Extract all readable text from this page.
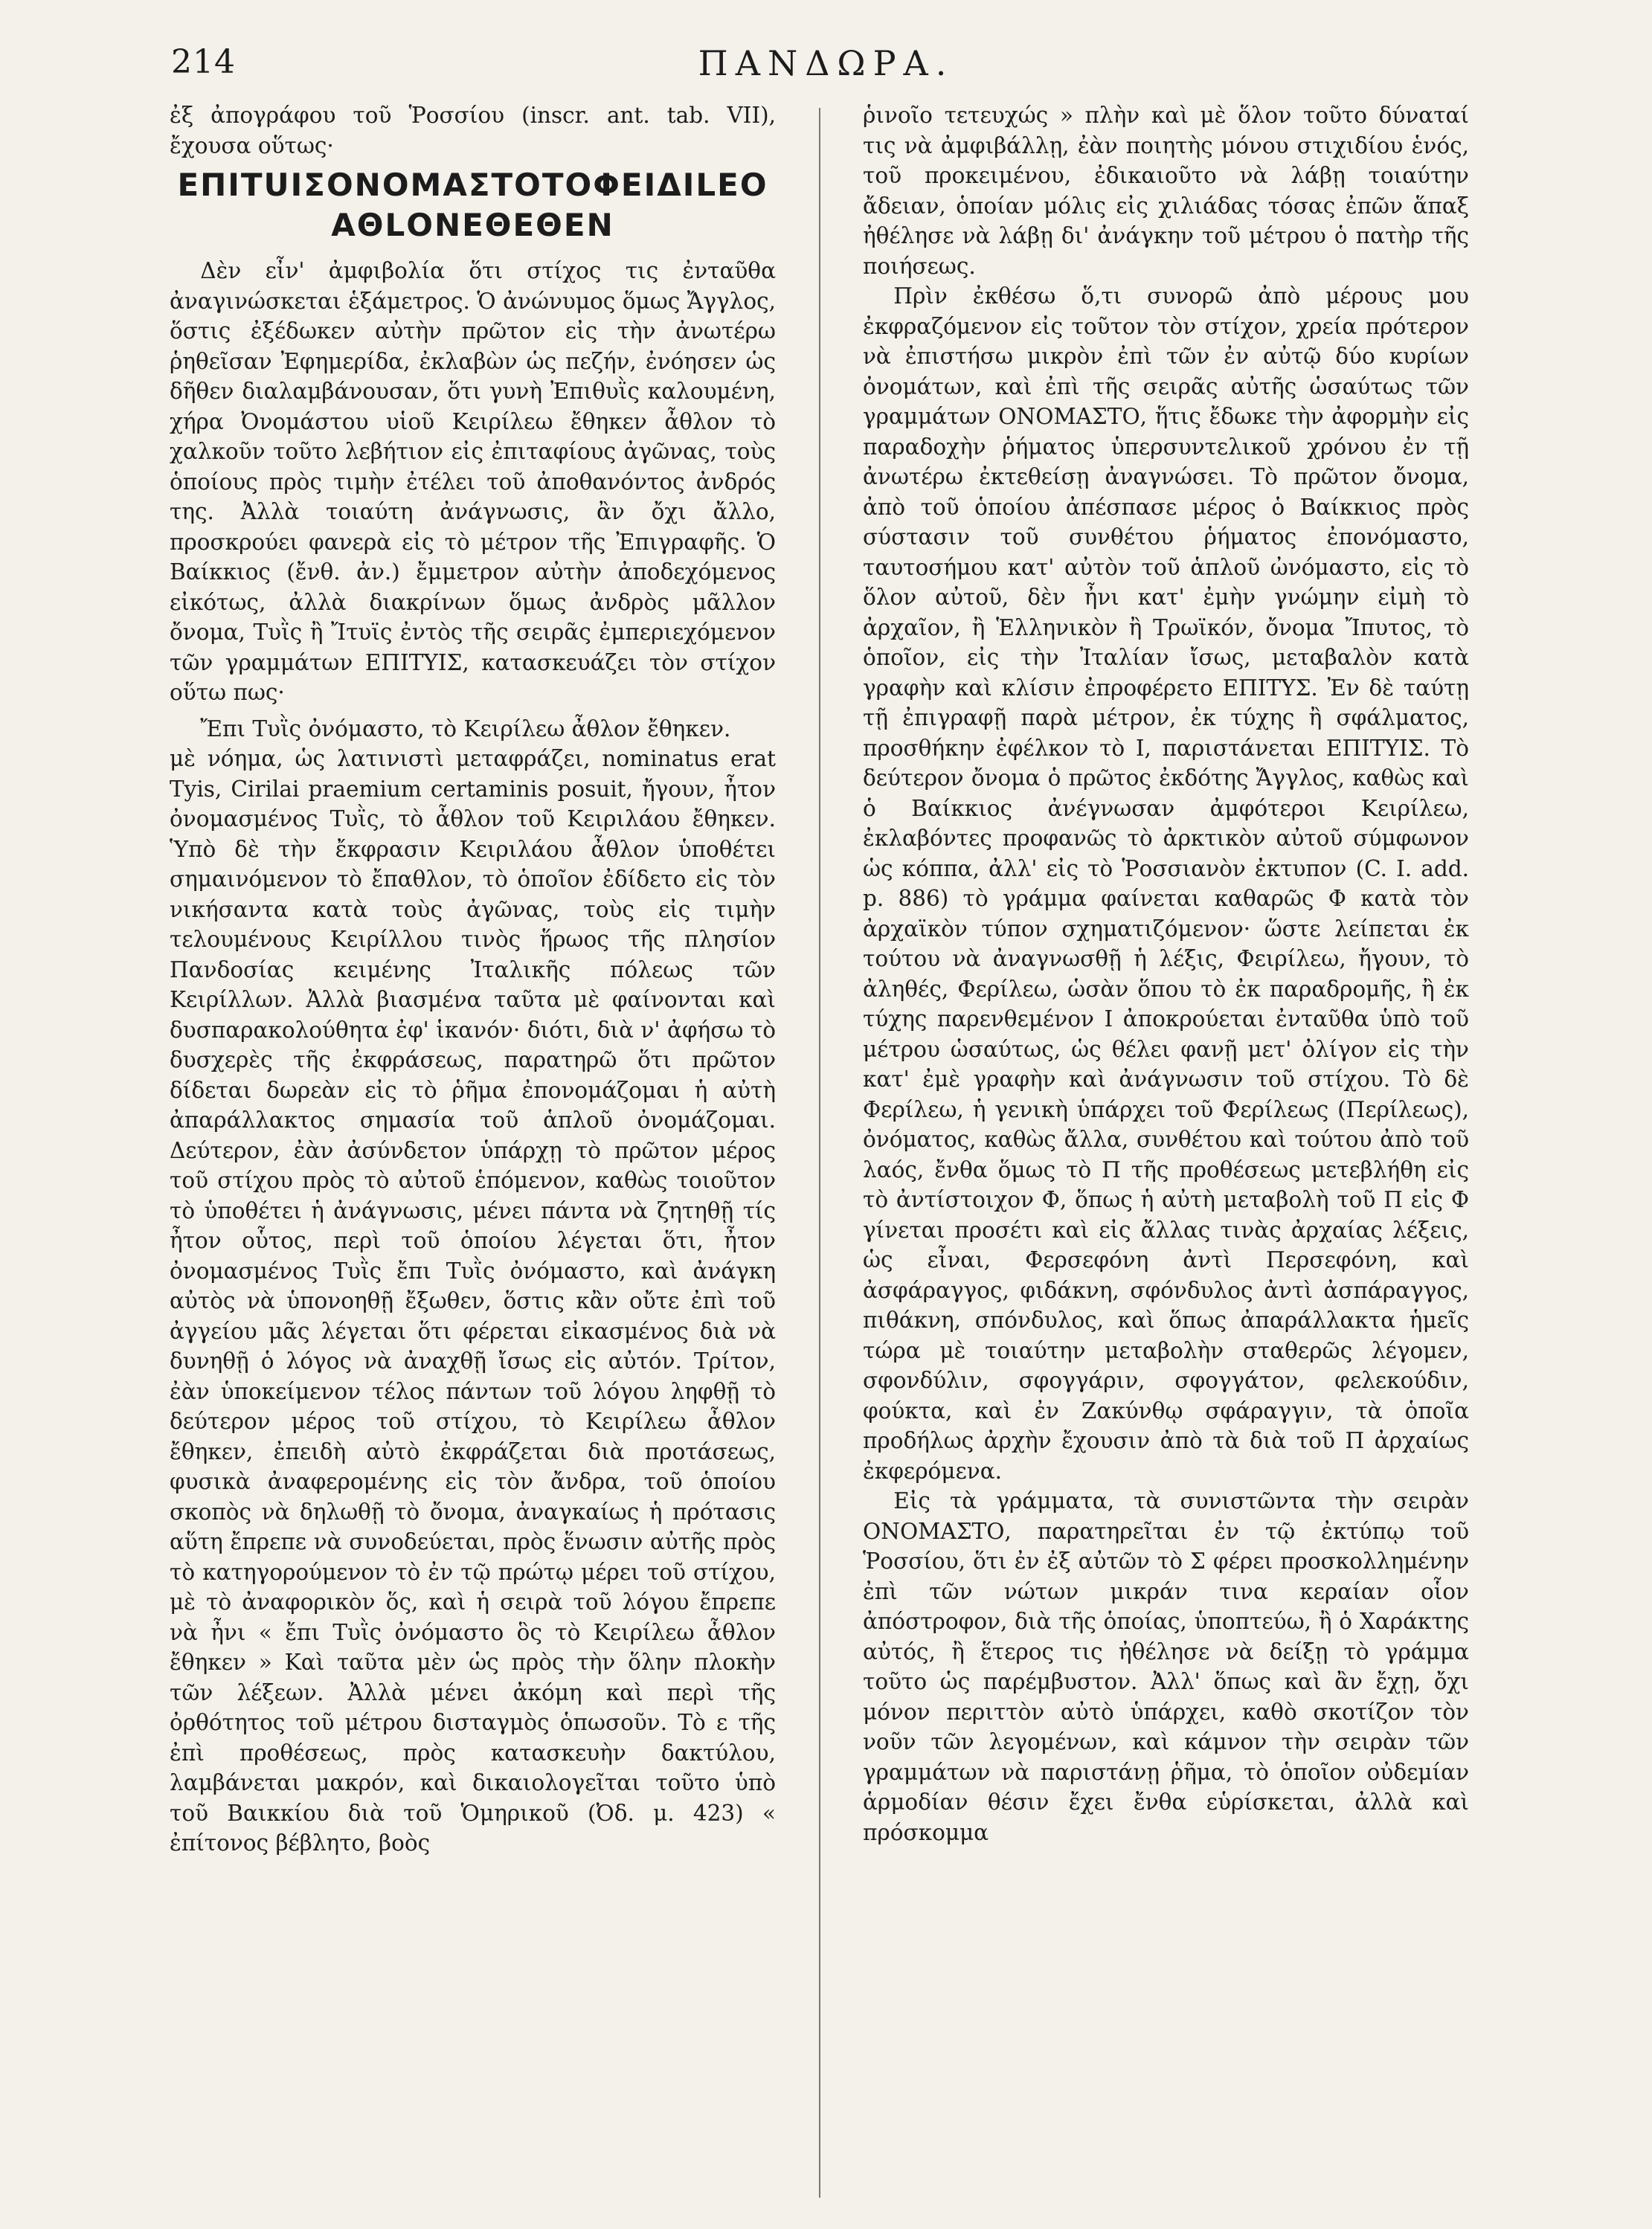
214	ΠΑΝΔΩΡΑ.

ἐξ ἀπογράφου τοῦ Ῥοσσίου (inscr. ant. tab. VII), ἔχουσα οὕτως·

ΕΠΙΤUIΣΟΝΟΜΑΣΤΟΤΟΦΕΙΔΙLΕΟ
ΑΘLΟΝΕΘΕΘΕΝ

Δὲν εἶν' ἀμφιβολία ὅτι στίχος τις ἐνταῦθα ἀναγινώσκεται ἑξάμετρος. Ὁ ἀνώνυμος ὅμως Ἄγγλος, ὅστις ἐξέδωκεν αὐτὴν πρῶτον εἰς τὴν ἀνωτέρω ῥηθεῖσαν Ἐφημερίδα, ἐκλαβὼν ὡς πεζήν, ἐνόησεν ὡς δῆθεν διαλαμβάνουσαν, ὅτι γυνὴ Ἐπιθυῒς καλουμένη, χήρα Ὀνομάστου υἱοῦ Κειρίλεω ἔθηκεν ἆθλον τὸ χαλκοῦν τοῦτο λεβήτιον εἰς ἐπιταφίους ἀγῶνας, τοὺς ὁποίους πρὸς τιμὴν ἐτέλει τοῦ ἀποθανόντος ἀνδρός της. Ἀλλὰ τοιαύτη ἀνάγνωσις, ἂν ὄχι ἄλλο, προσκρούει φανερὰ εἰς τὸ μέτρον τῆς Ἐπιγραφῆς. Ὁ Βαίκκιος (ἔνθ. ἀν.) ἔμμετρον αὐτὴν ἀποδεχόμενος εἰκότως, ἀλλὰ διακρίνων ὅμως ἀνδρὸς μᾶλλον ὄνομα, Τυῒς ἢ Ἴτυϊς ἐντὸς τῆς σειρᾶς ἐμπεριεχόμενον τῶν γραμμάτων ΕΠΙΤΥΙΣ, κατασκευάζει τὸν στίχον οὕτω πως·

Ἔπι Τυῒς ὀνόμαστο, τὸ Κειρίλεω ἆθλον ἔθηκεν.

μὲ νόημα, ὡς λατινιστὶ μεταφράζει, nominatus erat Tyis, Cirilai praemium certaminis posuit, ἤγουν, ἦτον ὀνομασμένος Τυῒς, τὸ ἆθλον τοῦ Κειριλάου ἔθηκεν. Ὑπὸ δὲ τὴν ἔκφρασιν Κειριλάου ἆθλον ὑποθέτει σημαινόμενον τὸ ἔπαθλον, τὸ ὁποῖον ἐδίδετο εἰς τὸν νικήσαντα κατὰ τοὺς ἀγῶνας, τοὺς εἰς τιμὴν τελουμένους Κειρίλλου τινὸς ἥρωος τῆς πλησίον Πανδοσίας κειμένης Ἰταλικῆς πόλεως τῶν Κειρίλλων. Ἀλλὰ βιασμένα ταῦτα μὲ φαίνονται καὶ δυσπαρακολούθητα ἐφ' ἱκανόν· διότι, διὰ ν' ἀφήσω τὸ δυσχερὲς τῆς ἐκφράσεως, παρατηρῶ ὅτι πρῶτον δίδεται δωρεὰν εἰς τὸ ῥῆμα ἐπονομάζομαι ἡ αὐτὴ ἀπαράλλακτος σημασία τοῦ ἁπλοῦ ὀνομάζομαι. Δεύτερον, ἐὰν ἀσύνδετον ὑπάρχῃ τὸ πρῶτον μέρος τοῦ στίχου πρὸς τὸ αὐτοῦ ἑπόμενον, καθὼς τοιοῦτον τὸ ὑποθέτει ἡ ἀνάγνωσις, μένει πάντα νὰ ζητηθῇ τίς ἦτον οὗτος, περὶ τοῦ ὁποίου λέγεται ὅτι, ἦτον ὀνομασμένος Τυῒς ἔπι Τυῒς ὀνόμαστο, καὶ ἀνάγκη αὐτὸς νὰ ὑπονοηθῇ ἔξωθεν, ὅστις κἂν οὔτε ἐπὶ τοῦ ἀγγείου μᾶς λέγεται ὅτι φέρεται εἰκασμένος διὰ νὰ δυνηθῇ ὁ λόγος νὰ ἀναχθῇ ἴσως εἰς αὐτόν. Τρίτον, ἐὰν ὑποκείμενον τέλος πάντων τοῦ λόγου ληφθῇ τὸ δεύτερον μέρος τοῦ στίχου, τὸ Κειρίλεω ἆθλον ἔθηκεν, ἐπειδὴ αὐτὸ ἐκφράζεται διὰ προτάσεως, φυσικὰ ἀναφερομένης εἰς τὸν ἄνδρα, τοῦ ὁποίου σκοπὸς νὰ δηλωθῇ τὸ ὄνομα, ἀναγκαίως ἡ πρότασις αὕτη ἔπρεπε νὰ συνοδεύεται, πρὸς ἕνωσιν αὐτῆς πρὸς τὸ κατηγορούμενον τὸ ἐν τῷ πρώτῳ μέρει τοῦ στίχου, μὲ τὸ ἀναφορικὸν ὅς, καὶ ἡ σειρὰ τοῦ λόγου ἔπρεπε νὰ ἦνι « ἔπι Τυῒς ὀνόμαστο ὃς τὸ Κειρίλεω ἆθλον ἔθηκεν » Καὶ ταῦτα μὲν ὡς πρὸς τὴν ὅλην πλοκὴν τῶν λέξεων. Ἀλλὰ μένει ἀκόμη καὶ περὶ τῆς ὀρθότητος τοῦ μέτρου δισταγμὸς ὁπωσοῦν. Τὸ ε τῆς ἐπὶ προθέσεως, πρὸς κατασκευὴν δακτύλου, λαμβάνεται μακρόν, καὶ δικαιολογεῖται τοῦτο ὑπὸ τοῦ Βαικκίου διὰ τοῦ Ὁμηρικοῦ (Ὀδ. μ. 423) « ἐπίτονος βέβλητο, βοὸς

ῥινοῖο τετευχώς » πλὴν καὶ μὲ ὅλον τοῦτο δύναταί τις νὰ ἀμφιβάλλῃ, ἐὰν ποιητὴς μόνου στιχιδίου ἑνός, τοῦ προκειμένου, ἐδικαιοῦτο νὰ λάβῃ τοιαύτην ἄδειαν, ὁποίαν μόλις εἰς χιλιάδας τόσας ἐπῶν ἅπαξ ἠθέλησε νὰ λάβῃ δι' ἀνάγκην τοῦ μέτρου ὁ πατὴρ τῆς ποιήσεως.

Πρὶν ἐκθέσω ὅ,τι συνορῶ ἀπὸ μέρους μου ἐκφραζόμενον εἰς τοῦτον τὸν στίχον, χρεία πρότερον νὰ ἐπιστήσω μικρὸν ἐπὶ τῶν ἐν αὐτῷ δύο κυρίων ὀνομάτων, καὶ ἐπὶ τῆς σειρᾶς αὐτῆς ὡσαύτως τῶν γραμμάτων ΟΝΟΜΑΣΤΟ, ἥτις ἔδωκε τὴν ἀφορμὴν εἰς παραδοχὴν ῥήματος ὑπερσυντελικοῦ χρόνου ἐν τῇ ἀνωτέρω ἐκτεθείσῃ ἀναγνώσει. Τὸ πρῶτον ὄνομα, ἀπὸ τοῦ ὁποίου ἀπέσπασε μέρος ὁ Βαίκκιος πρὸς σύστασιν τοῦ συνθέτου ῥήματος ἐπονόμαστο, ταυτοσήμου κατ' αὐτὸν τοῦ ἁπλοῦ ὠνόμαστο, εἰς τὸ ὅλον αὐτοῦ, δὲν ἦνι κατ' ἐμὴν γνώμην εἰμὴ τὸ ἀρχαῖον, ἢ Ἑλληνικὸν ἢ Τρωϊκόν, ὄνομα Ἴπυτος, τὸ ὁποῖον, εἰς τὴν Ἰταλίαν ἴσως, μεταβαλὸν κατὰ γραφὴν καὶ κλίσιν ἐπροφέρετο ΕΠΙΤΥΣ. Ἐν δὲ ταύτῃ τῇ ἐπιγραφῇ παρὰ μέτρον, ἐκ τύχης ἢ σφάλματος, προσθήκην ἐφέλκον τὸ Ι, παριστάνεται ΕΠΙΤΥΙΣ. Τὸ δεύτερον ὄνομα ὁ πρῶτος ἐκδότης Ἄγγλος, καθὼς καὶ ὁ Βαίκκιος ἀνέγνωσαν ἀμφότεροι Κειρίλεω, ἐκλαβόντες προφανῶς τὸ ἀρκτικὸν αὐτοῦ σύμφωνον ὡς κόππα, ἀλλ' εἰς τὸ Ῥοσσιανὸν ἐκτυπον (C. I. add. p. 886) τὸ γράμμα φαίνεται καθαρῶς Φ κατὰ τὸν ἀρχαϊκὸν τύπον σχηματιζόμενον· ὥστε λείπεται ἐκ τούτου νὰ ἀναγνωσθῇ ἡ λέξις, Φειρίλεω, ἤγουν, τὸ ἀληθές, Φερίλεω, ὡσὰν ὅπου τὸ ἐκ παραδρομῆς, ἢ ἐκ τύχης παρενθεμένον Ι ἀποκρούεται ἐνταῦθα ὑπὸ τοῦ μέτρου ὡσαύτως, ὡς θέλει φανῇ μετ' ὀλίγον εἰς τὴν κατ' ἐμὲ γραφὴν καὶ ἀνάγνωσιν τοῦ στίχου. Τὸ δὲ Φερίλεω, ἡ γενικὴ ὑπάρχει τοῦ Φερίλεως (Περίλεως), ὀνόματος, καθὼς ἄλλα, συνθέτου καὶ τούτου ἀπὸ τοῦ λαός, ἔνθα ὅμως τὸ Π τῆς προθέσεως μετεβλήθη εἰς τὸ ἀντίστοιχον Φ, ὅπως ἡ αὐτὴ μεταβολὴ τοῦ Π εἰς Φ γίνεται προσέτι καὶ εἰς ἄλλας τινὰς ἀρχαίας λέξεις, ὡς εἶναι, Φερσεφόνη ἀντὶ Περσεφόνη, καὶ ἀσφάραγγος, φιδάκνη, σφόνδυλος ἀντὶ ἀσπάραγγος, πιθάκνη, σπόνδυλος, καὶ ὅπως ἀπαράλλακτα ἡμεῖς τώρα μὲ τοιαύτην μεταβολὴν σταθερῶς λέγομεν, σφονδύλιν, σφογγάριν, σφογγάτον, φελεκούδιν, φούκτα, καὶ ἐν Ζακύνθῳ σφάραγγιν, τὰ ὁποῖα προδήλως ἀρχὴν ἔχουσιν ἀπὸ τὰ διὰ τοῦ Π ἀρχαίως ἐκφερόμενα.

Εἰς τὰ γράμματα, τὰ συνιστῶντα τὴν σειρὰν ΟΝΟΜΑΣΤΟ, παρατηρεῖται ἐν τῷ ἐκτύπῳ τοῦ Ῥοσσίου, ὅτι ἐν ἐξ αὐτῶν τὸ Σ φέρει προσκολλημένην ἐπὶ τῶν νώτων μικράν τινα κεραίαν οἷον ἀπόστροφον, διὰ τῆς ὁποίας, ὑποπτεύω, ἢ ὁ Χαράκτης αὐτός, ἢ ἕτερος τις ἠθέλησε νὰ δείξῃ τὸ γράμμα τοῦτο ὡς παρέμβυστον. Ἀλλ' ὅπως καὶ ἂν ἔχῃ, ὄχι μόνον περιττὸν αὐτὸ ὑπάρχει, καθὸ σκοτίζον τὸν νοῦν τῶν λεγομένων, καὶ κάμνον τὴν σειρὰν τῶν γραμμάτων νὰ παριστάνῃ ῥῆμα, τὸ ὁποῖον οὐδεμίαν ἁρμοδίαν θέσιν ἔχει ἔνθα εὑρίσκεται, ἀλλὰ καὶ πρόσκομμα
